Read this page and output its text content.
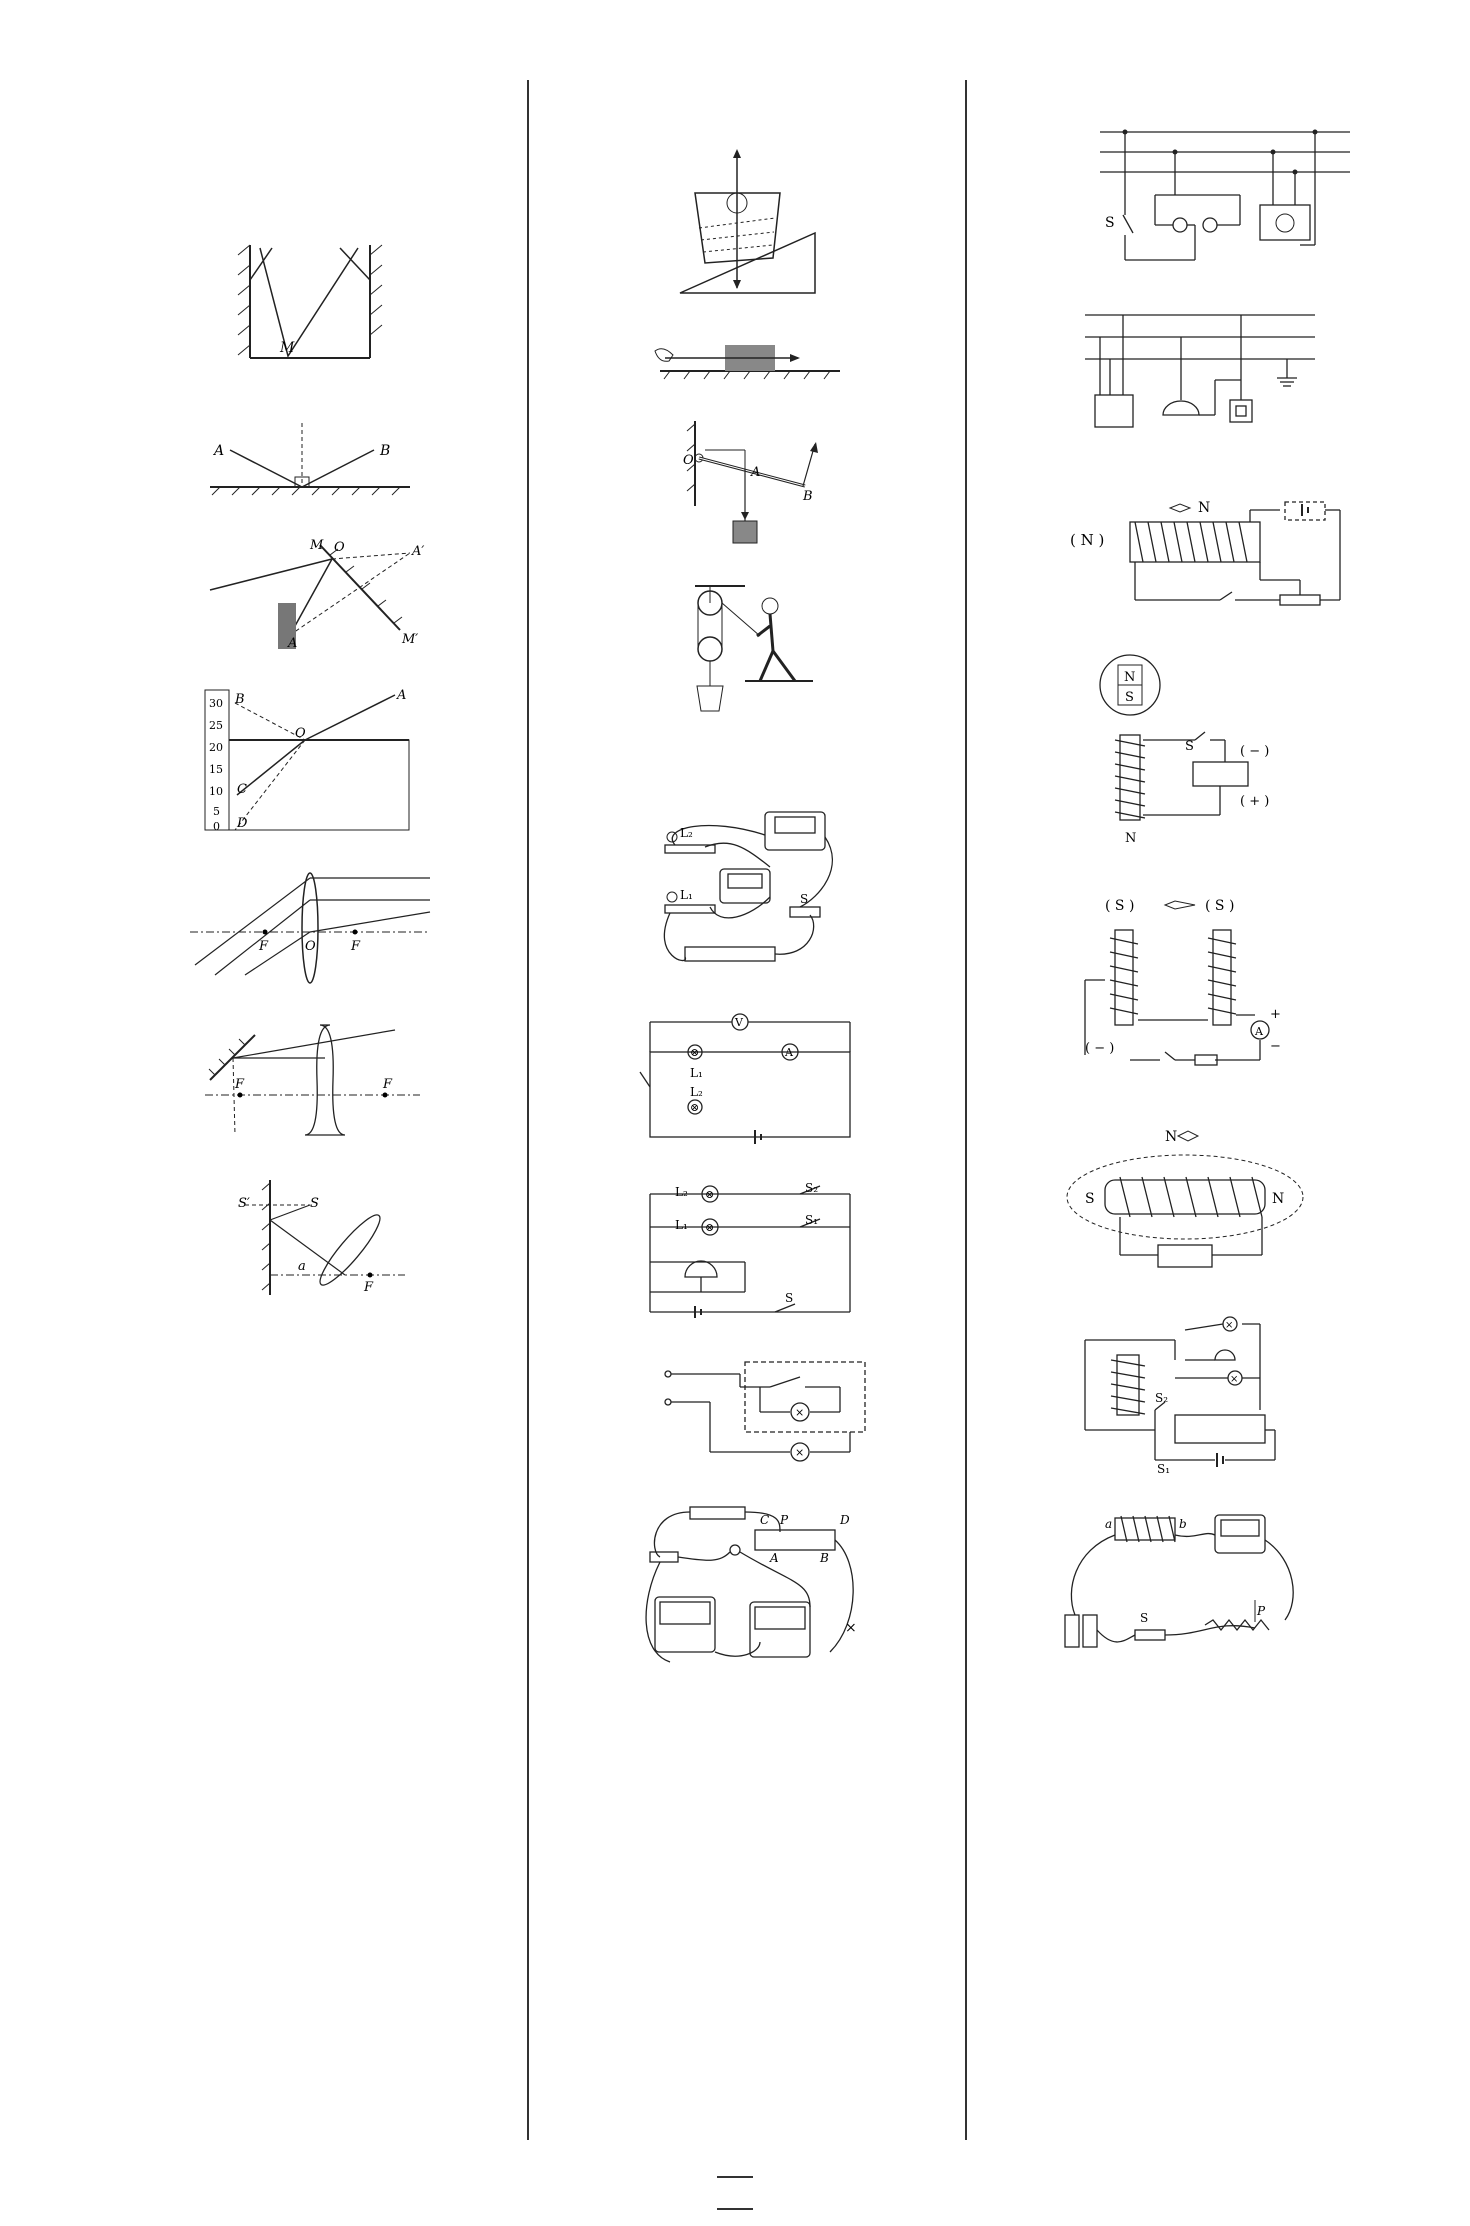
M
A	B
M O	A′
A	M′
30
25
20
15
10
5
0
B
O
A
C
D
F	O	F
F	F
S′	S
a
F
A
B
O
L₂
L₁	S
V
A
⊗
⊗
L₁
L₂
⊗
⊗
L₂
L₁
S₂
S₁
S
×
×
C P	D
A	B
×
S
( N )
N
N
S
S	( − )
( + )
N
( S )	( S )
A
+
−
( − )
N
S	N
×
×
S₂
S₁
a	b
S	P
